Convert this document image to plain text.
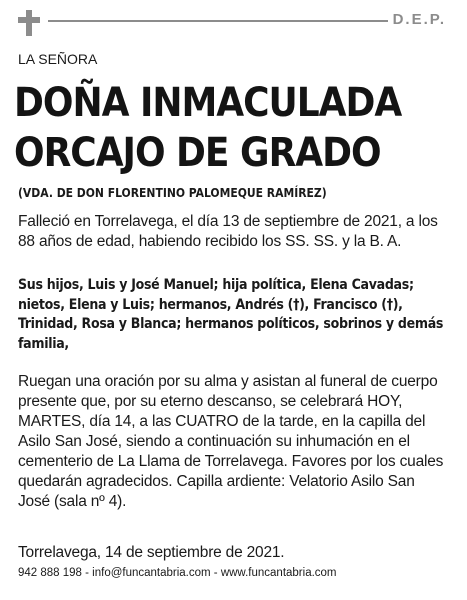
D.E.P.
LA SEÑORA
DOÑA INMACULADA
ORCAJO DE GRADO
(VDA. DE DON FLORENTINO PALOMEQUE RAMÍREZ)

Falleció en Torrelavega, el día 13 de septiembre de 2021, a los 88 años de edad, habiendo recibido los SS. SS. y la B. A.

Sus hijos, Luis y José Manuel; hija política, Elena Cavadas; nietos, Elena y Luis; hermanos, Andrés (†), Francisco (†), Trinidad, Rosa y Blanca; hermanos políticos, sobrinos y demás familia,

Ruegan una oración por su alma y asistan al funeral de cuerpo presente que, por su eterno descanso, se celebrará HOY, MARTES, día 14, a las CUATRO de la tarde, en la capilla del Asilo San José, siendo a continuación su inhumación en el cementerio de La Llama de Torrelavega. Favores por los cuales quedarán agradecidos. Capilla ardiente: Velatorio Asilo San José (sala nº 4).

Torrelavega, 14 de septiembre de 2021.

942 888 198 - info@funcantabria.com - www.funcantabria.com
